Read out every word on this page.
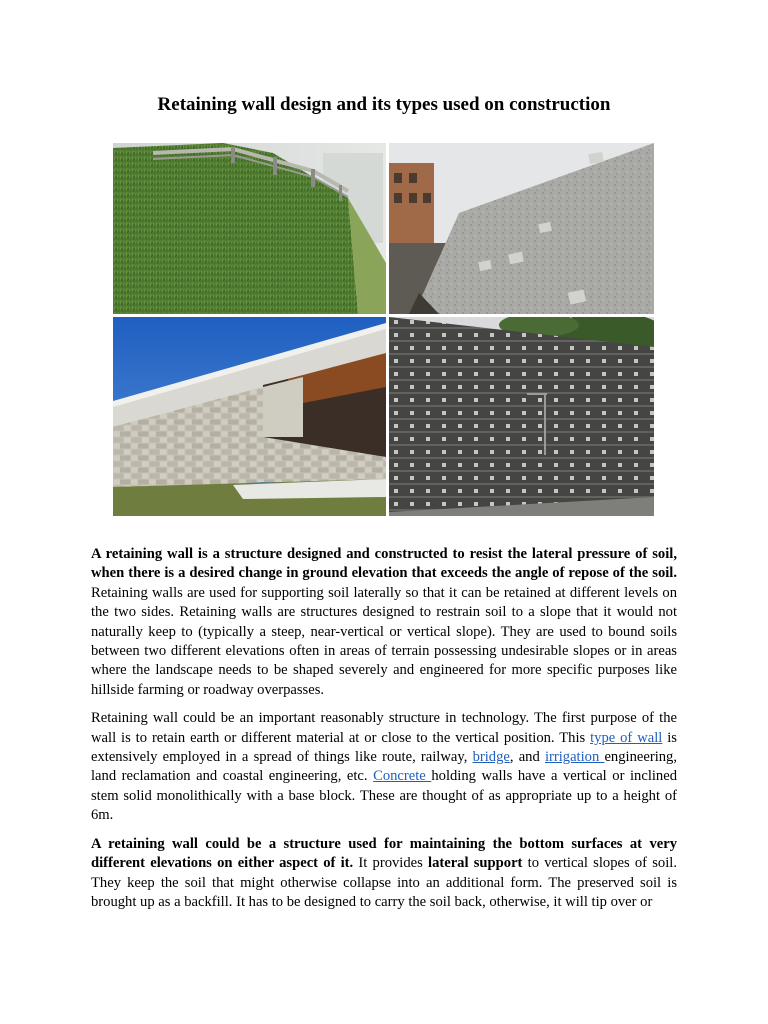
Retaining wall design and its types used on construction

A retaining wall is a structure designed and constructed to resist the lateral pressure of soil, when there is a desired change in ground elevation that exceeds the angle of repose of the soil. Retaining walls are used for supporting soil laterally so that it can be retained at different levels on the two sides. Retaining walls are structures designed to restrain soil to a slope that it would not naturally keep to (typically a steep, near-vertical or vertical slope). They are used to bound soils between two different elevations often in areas of terrain possessing undesirable slopes or in areas where the landscape needs to be shaped severely and engineered for more specific purposes like hillside farming or roadway overpasses.

Retaining wall could be an important reasonably structure in technology. The first purpose of the wall is to retain earth or different material at or close to the vertical position. This type of wall is extensively employed in a spread of things like route, railway, bridge, and irrigation engineering, land reclamation and coastal engineering, etc. Concrete holding walls have a vertical or inclined stem solid monolithically with a base block. These are thought of as appropriate up to a height of 6m.

A retaining wall could be a structure used for maintaining the bottom surfaces at very different elevations on either aspect of it. It provides lateral support to vertical slopes of soil. They keep the soil that might otherwise collapse into an additional form. The preserved soil is brought up as a backfill. It has to be designed to carry the soil back, otherwise, it will tip over or
